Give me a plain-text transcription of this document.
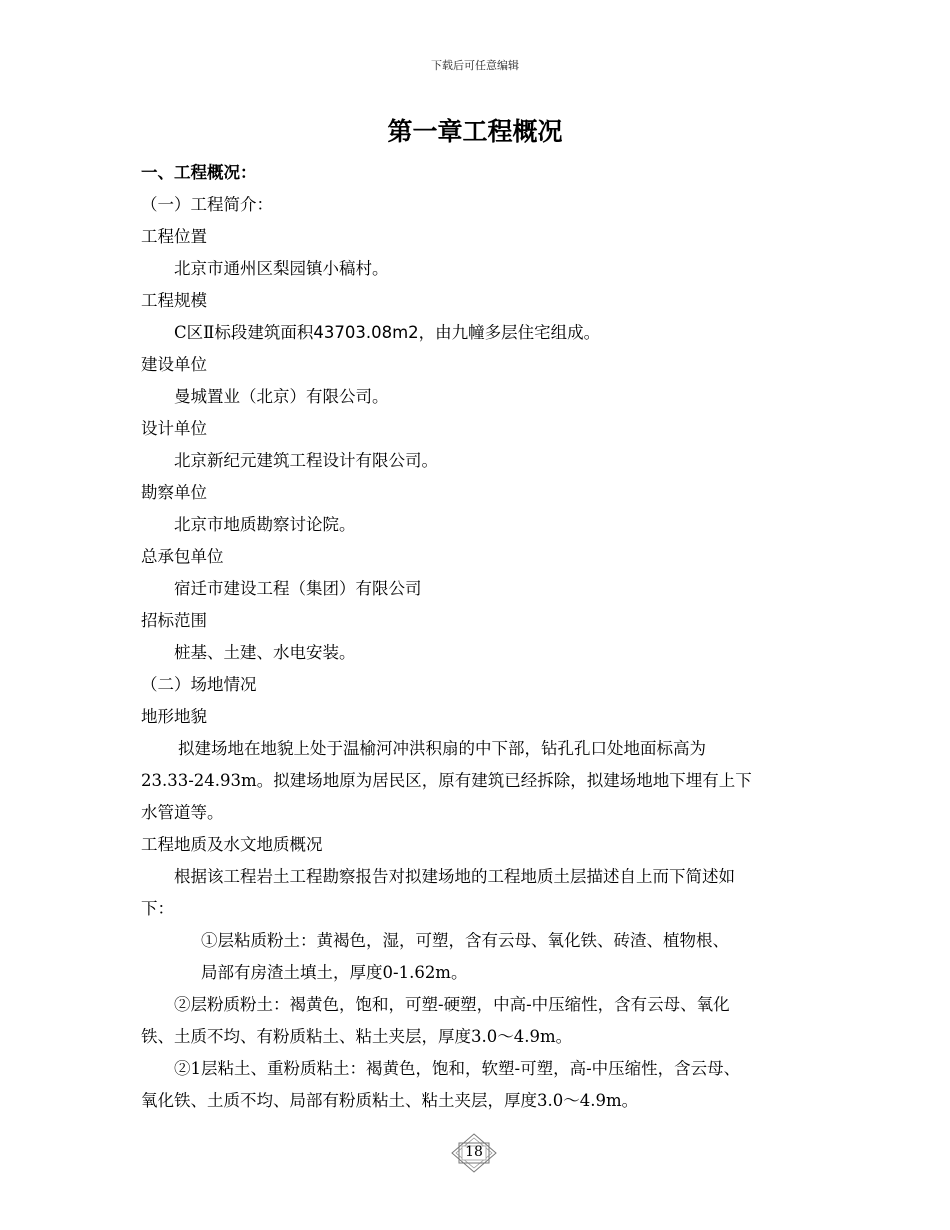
下载后可任意编辑
第一章工程概况
一、工程概况：
（一）工程简介：
工程位置
北京市通州区梨园镇小稿村。
工程规模
C区Ⅱ标段建筑面积43703.08m2，由九幢多层住宅组成。
建设单位
曼城置业（北京）有限公司。
设计单位
北京新纪元建筑工程设计有限公司。
勘察单位
北京市地质勘察讨论院。
总承包单位
宿迁市建设工程（集团）有限公司
招标范围
桩基、土建、水电安装。
（二）场地情况
地形地貌
拟建场地在地貌上处于温榆河冲洪积扇的中下部，钻孔孔口处地面标高为
23.33-24.93m。拟建场地原为居民区，原有建筑已经拆除，拟建场地地下埋有上下
水管道等。
工程地质及水文地质概况
根据该工程岩土工程勘察报告对拟建场地的工程地质土层描述自上而下简述如
下：
①层粘质粉土：黄褐色，湿，可塑，含有云母、氧化铁、砖渣、植物根、
局部有房渣土填土，厚度0-1.62m。
②层粉质粉土：褐黄色，饱和，可塑-硬塑，中高-中压缩性，含有云母、氧化
铁、土质不均、有粉质粘土、粘土夹层，厚度3.0～4.9m。
②1层粘土、重粉质粘土：褐黄色，饱和，软塑-可塑，高-中压缩性，含云母、
氧化铁、土质不均、局部有粉质粘土、粘土夹层，厚度3.0～4.9m。
18
